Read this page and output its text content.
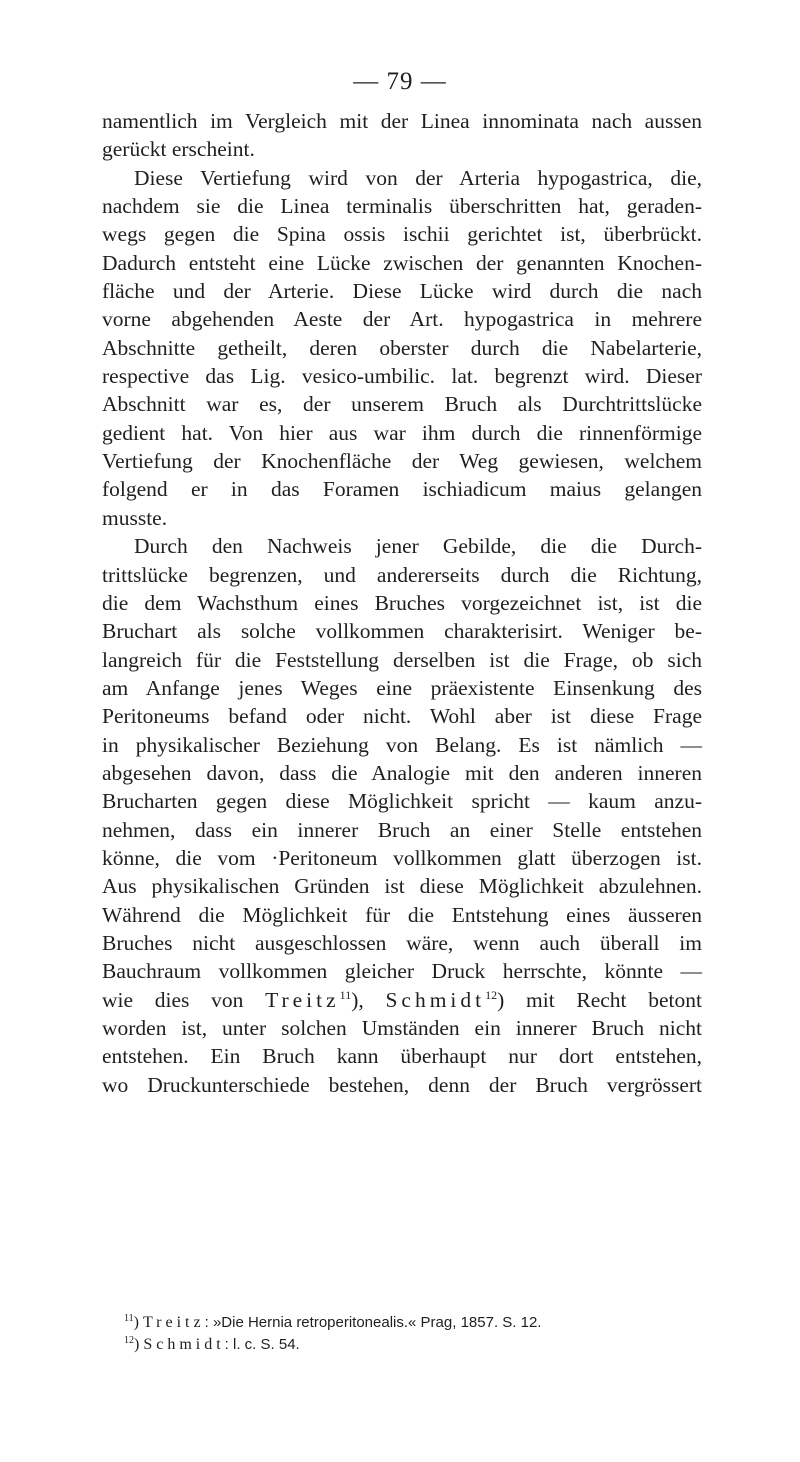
— 79 —
namentlich im Vergleich mit der Linea innominata nach aussen
gerückt erscheint.
Diese Vertiefung wird von der Arteria hypogastrica, die,
nachdem sie die Linea terminalis überschritten hat, geraden-
wegs gegen die Spina ossis ischii gerichtet ist, überbrückt.
Dadurch entsteht eine Lücke zwischen der genannten Knochen-
fläche und der Arterie. Diese Lücke wird durch die nach
vorne abgehenden Aeste der Art. hypogastrica in mehrere
Abschnitte getheilt, deren oberster durch die Nabelarterie,
respective das Lig. vesico-umbilic. lat. begrenzt wird. Dieser
Abschnitt war es, der unserem Bruch als Durchtrittslücke
gedient hat. Von hier aus war ihm durch die rinnenförmige
Vertiefung der Knochenfläche der Weg gewiesen, welchem
folgend er in das Foramen ischiadicum maius gelangen
musste.
Durch den Nachweis jener Gebilde, die die Durch-
trittslücke begrenzen, und andererseits durch die Richtung,
die dem Wachsthum eines Bruches vorgezeichnet ist, ist die
Bruchart als solche vollkommen charakterisirt. Weniger be-
langreich für die Feststellung derselben ist die Frage, ob sich
am Anfange jenes Weges eine präexistente Einsenkung des
Peritoneums befand oder nicht. Wohl aber ist diese Frage
in physikalischer Beziehung von Belang. Es ist nämlich —
abgesehen davon, dass die Analogie mit den anderen inneren
Brucharten gegen diese Möglichkeit spricht — kaum anzu-
nehmen, dass ein innerer Bruch an einer Stelle entstehen
könne, die vom ·Peritoneum vollkommen glatt überzogen ist.
Aus physikalischen Gründen ist diese Möglichkeit abzulehnen.
Während die Möglichkeit für die Entstehung eines äusseren
Bruches nicht ausgeschlossen wäre, wenn auch überall im
Bauchraum vollkommen gleicher Druck herrschte, könnte —
wie dies von Treitz$^{11}$), Schmidt$^{12}$) mit Recht betont
worden ist, unter solchen Umständen ein innerer Bruch nicht
entstehen. Ein Bruch kann überhaupt nur dort entstehen,
wo Druckunterschiede bestehen, denn der Bruch vergrössert
$^{11}$) Treitz: »Die Hernia retroperitonealis.« Prag, 1857. S. 12.
$^{12}$) Schmidt: l. c. S. 54.
